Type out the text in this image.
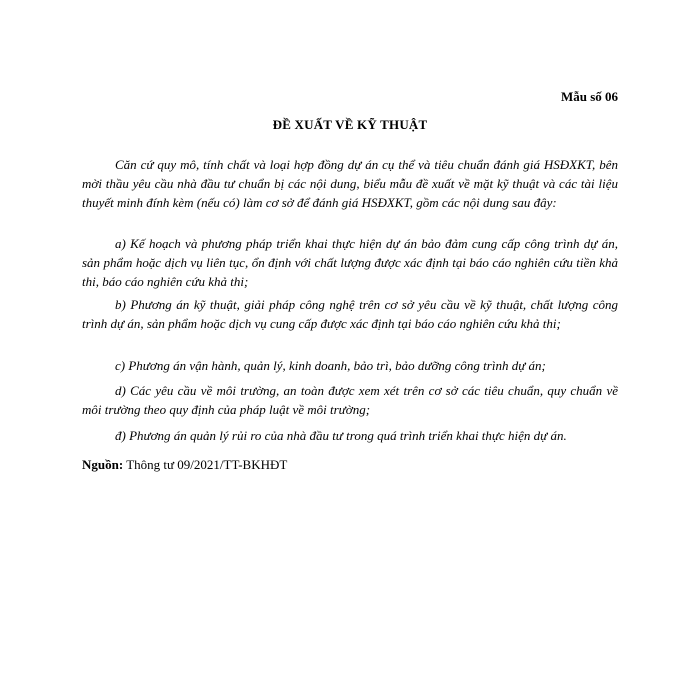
Mẫu số 06
ĐỀ XUẤT VỀ KỸ THUẬT

Căn cứ quy mô, tính chất và loại hợp đồng dự án cụ thể và tiêu chuẩn đánh giá HSĐXKT, bên mời thầu yêu cầu nhà đầu tư chuẩn bị các nội dung, biểu mẫu đề xuất về mặt kỹ thuật và các tài liệu thuyết minh đính kèm (nếu có) làm cơ sở để đánh giá HSĐXKT, gồm các nội dung sau đây:

a) Kế hoạch và phương pháp triển khai thực hiện dự án bảo đảm cung cấp công trình dự án, sản phẩm hoặc dịch vụ liên tục, ổn định với chất lượng được xác định tại báo cáo nghiên cứu tiền khả thi, báo cáo nghiên cứu khả thi;

b) Phương án kỹ thuật, giải pháp công nghệ trên cơ sở yêu cầu về kỹ thuật, chất lượng công trình dự án, sản phẩm hoặc dịch vụ cung cấp được xác định tại báo cáo nghiên cứu khả thi;

c) Phương án vận hành, quản lý, kinh doanh, bảo trì, bảo dưỡng công trình dự án;

d) Các yêu cầu về môi trường, an toàn được xem xét trên cơ sở các tiêu chuẩn, quy chuẩn về môi trường theo quy định của pháp luật về môi trường;

đ) Phương án quản lý rủi ro của nhà đầu tư trong quá trình triển khai thực hiện dự án.

Nguồn: Thông tư 09/2021/TT-BKHĐT
